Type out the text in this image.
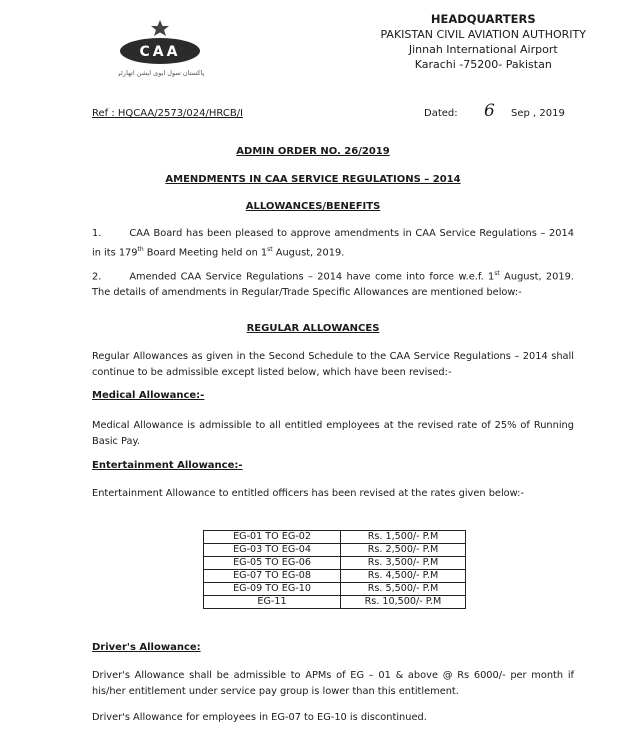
CAA
پاکستان سول ایوی ایشن اتھارٹی
HEADQUARTERS
PAKISTAN CIVIL AVIATION AUTHORITY
Jinnah International Airport
Karachi -75200- Pakistan
Ref : HQCAA/2573/024/HRCB/I	Dated: 6 Sep , 2019
ADMIN ORDER NO. 26/2019
AMENDMENTS IN CAA SERVICE REGULATIONS – 2014
ALLOWANCES/BENEFITS
1.	CAA Board has been pleased to approve amendments in CAA Service Regulations – 2014 in its 179th Board Meeting held on 1st August, 2019.
2.	Amended CAA Service Regulations – 2014 have come into force w.e.f. 1st August, 2019. The details of amendments in Regular/Trade Specific Allowances are mentioned below:-
REGULAR ALLOWANCES
Regular Allowances as given in the Second Schedule to the CAA Service Regulations – 2014 shall continue to be admissible except listed below, which have been revised:-
Medical Allowance:-
Medical Allowance is admissible to all entitled employees at the revised rate of 25% of Running Basic Pay.
Entertainment Allowance:-
Entertainment Allowance to entitled officers has been revised at the rates given below:-
EG-01 TO EG-02	Rs. 1,500/- P.M
EG-03 TO EG-04	Rs. 2,500/- P.M
EG-05 TO EG-06	Rs. 3,500/- P.M
EG-07 TO EG-08	Rs. 4,500/- P.M
EG-09 TO EG-10	Rs. 5,500/- P.M
EG-11	Rs. 10,500/- P.M
Driver's Allowance:
Driver's Allowance shall be admissible to APMs of EG – 01 & above @ Rs 6000/- per month if his/her entitlement under service pay group is lower than this entitlement.
Driver's Allowance for employees in EG-07 to EG-10 is discontinued.
